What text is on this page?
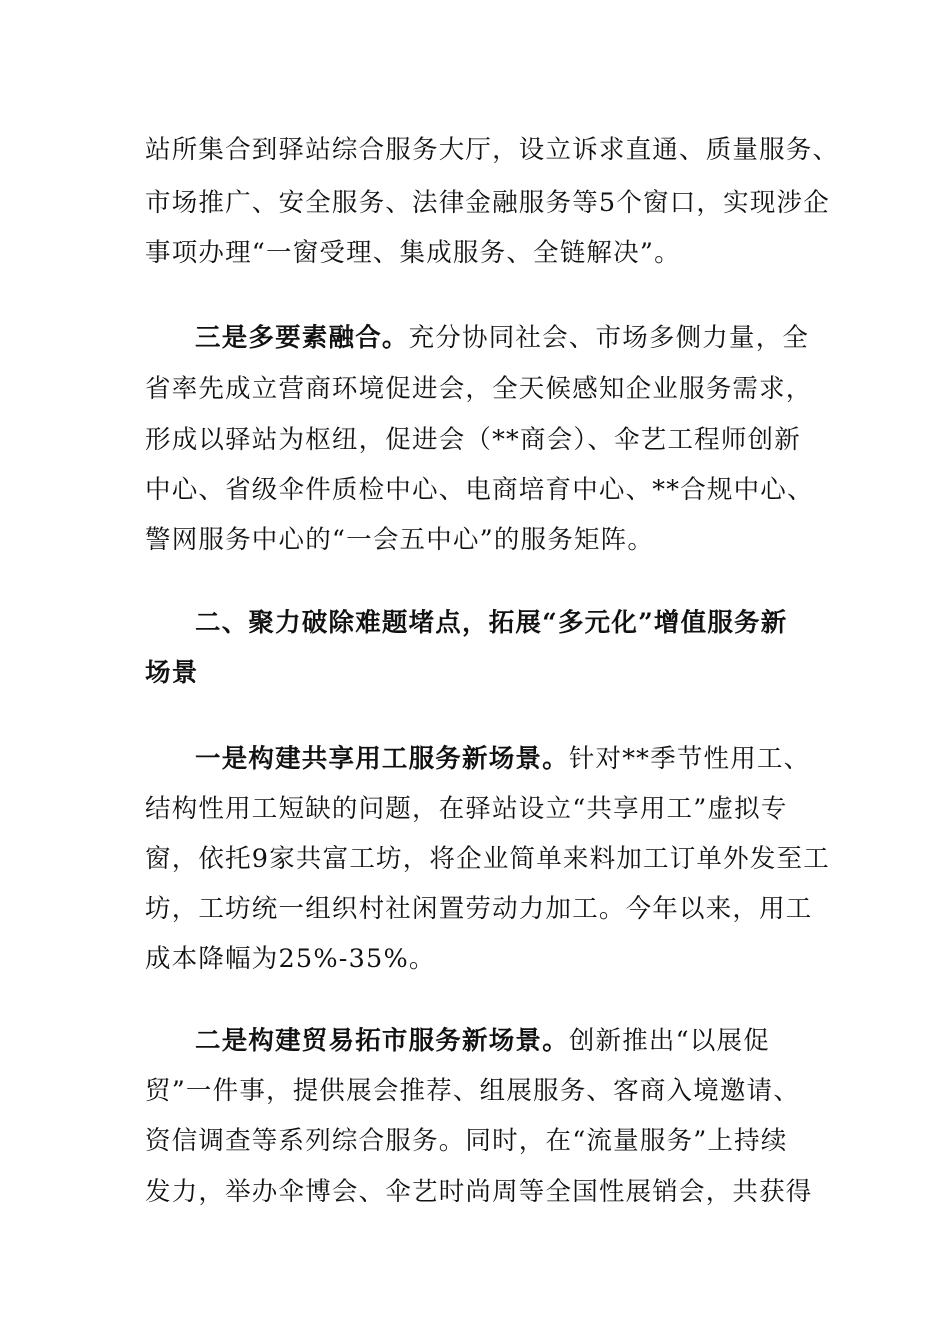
站所集合到驿站综合服务大厅，设立诉求直通、质量服务、
市场推广、安全服务、法律金融服务等5个窗口，实现涉企
事项办理“一窗受理、集成服务、全链解决”。
三是多要素融合。充分协同社会、市场多侧力量，全
省率先成立营商环境促进会，全天候感知企业服务需求，
形成以驿站为枢纽，促进会（**商会）、伞艺工程师创新
中心、省级伞件质检中心、电商培育中心、**合规中心、
警网服务中心的“一会五中心”的服务矩阵。
二、聚力破除难题堵点，拓展“多元化”增值服务新
场景
一是构建共享用工服务新场景。针对**季节性用工、
结构性用工短缺的问题，在驿站设立“共享用工”虚拟专
窗，依托9家共富工坊，将企业简单来料加工订单外发至工
坊，工坊统一组织村社闲置劳动力加工。今年以来，用工
成本降幅为25%-35%。
二是构建贸易拓市服务新场景。创新推出“以展促
贸”一件事，提供展会推荐、组展服务、客商入境邀请、
资信调查等系列综合服务。同时，在“流量服务”上持续
发力，举办伞博会、伞艺时尚周等全国性展销会，共获得
